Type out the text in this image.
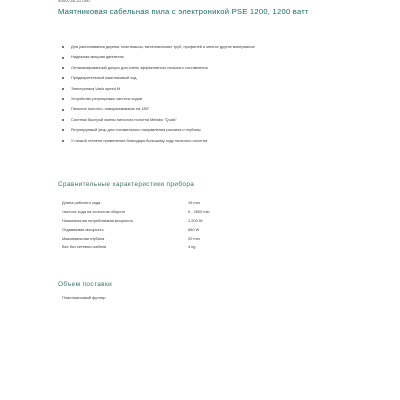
4000726.21 000
Маятниковая сабельная пила с электроникой PSE 1200, 1200 ватт
Для распиливания дерева, пластмассы, металлических труб, профилей и многих других материалов
Надежная мощная двигатель
Оптимизированный допуск для очень эффективного пильного составления
Предварительный маятниковый ход
Электроника Vario speed M
Устройство регулировки частоты ходов
Пильное полотно, поворачиваемое на 180°
Система быстрой смены пильного полотна Metabo "Quick"
Регулируемый упор для оптимального направления распила и глубины
У низкой степени применения благодаря большому ходу пильного полотна
Сравнительные характеристики прибора
Длина рабочего хода	19 mm
Частота хода на холостом обороте	0 - 2600 min
Номинальная потребляемая мощность	1.200 W
Отдаваемая мощность	650 W
Максимальная глубина	20 mm
Вес без сетевого кабеля	4 kg
Объем поставки
Пластмассовый футляр
